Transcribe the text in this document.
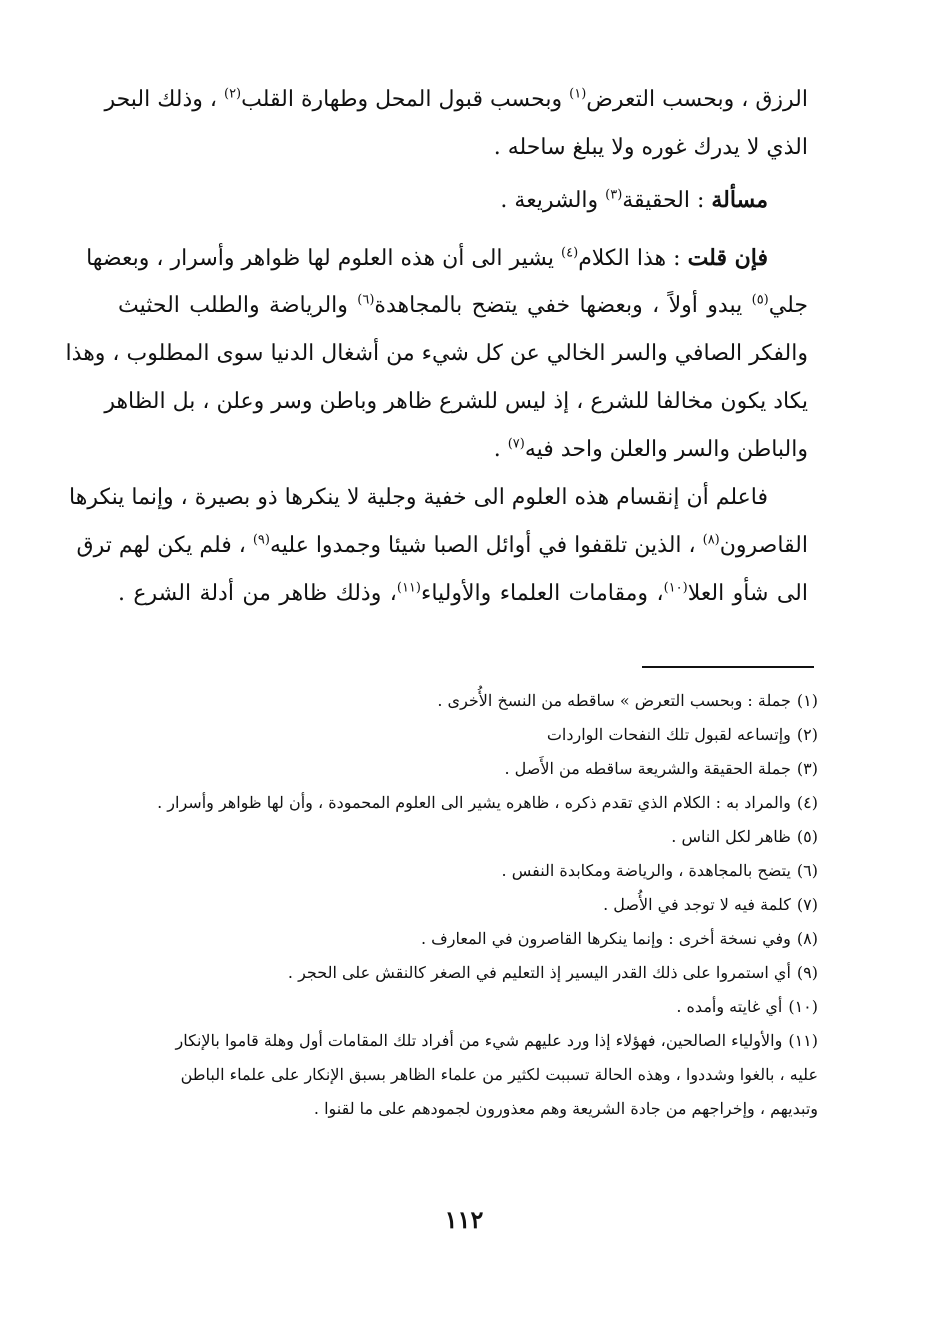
الرزق ، وبحسب التعرض$^{(١)}$ وبحسب قبول المحل وطهارة القلب$^{(٢)}$ ، وذلك البحر
الذي لا يدرك غوره ولا يبلغ ساحله .
مسألة : الحقيقة$^{(٣)}$ والشريعة .
فإن قلت : هذا الكلام$^{(٤)}$ يشير الى أن هذه العلوم لها ظواهر وأسرار ، وبعضها
جلي$^{(٥)}$ يبدو أولاً ، وبعضها خفي يتضح بالمجاهدة$^{(٦)}$ والرياضة والطلب الحثيث
والفكر الصافي والسر الخالي عن كل شيء من أشغال الدنيا سوى المطلوب ، وهذا
يكاد يكون مخالفا للشرع ، إذ ليس للشرع ظاهر وباطن وسر وعلن ، بل الظاهر
والباطن والسر والعلن واحد فيه$^{(٧)}$ .
فاعلم أن إنقسام هذه العلوم الى خفية وجلية لا ينكرها ذو بصيرة ، وإنما ينكرها
القاصرون$^{(٨)}$ ، الذين تلقفوا في أوائل الصبا شيئا وجمدوا عليه$^{(٩)}$ ، فلم يكن لهم ترق
الى شأو العلا$^{(١٠)}$، ومقامات العلماء والأولياء$^{(١١)}$، وذلك ظاهر من أدلة الشرع .
(١)جملة : وبحسب التعرض » ساقطه من النسخ الأُخرى .
(٢)وإتساعه لقبول تلك النفحات الواردات
(٣)جملة الحقيقة والشريعة ساقطه من الأَصل .
(٤)والمراد به : الكلام الذي تقدم ذكره ، ظاهره يشير الى العلوم المحمودة ، وأن لها ظواهر وأسرار .
(٥)ظاهر لكل الناس .
(٦)يتضح بالمجاهدة ، والرياضة ومكابدة النفس .
(٧)كلمة فيه لا توجد في الأُصل .
(٨)وفي نسخة أخرى : وإنما ينكرها القاصرون في المعارف .
(٩)أي استمروا على ذلك القدر اليسير إذ التعليم في الصغر كالنقش على الحجر .
(١٠)أي غايته وأمده .
(١١)والأولياء الصالحين، فهؤلاء إذا ورد عليهم شيء من أفراد تلك المقامات أول وهلة قاموا بالإنكار
عليه ، بالغوا وشددوا ، وهذه الحالة تسببت لكثير من علماء الظاهر بسبق الإنكار على علماء الباطن
وتبديهم ، وإخراجهم من جادة الشريعة وهم معذورون لجمودهم على ما لقنوا .
١١٢
